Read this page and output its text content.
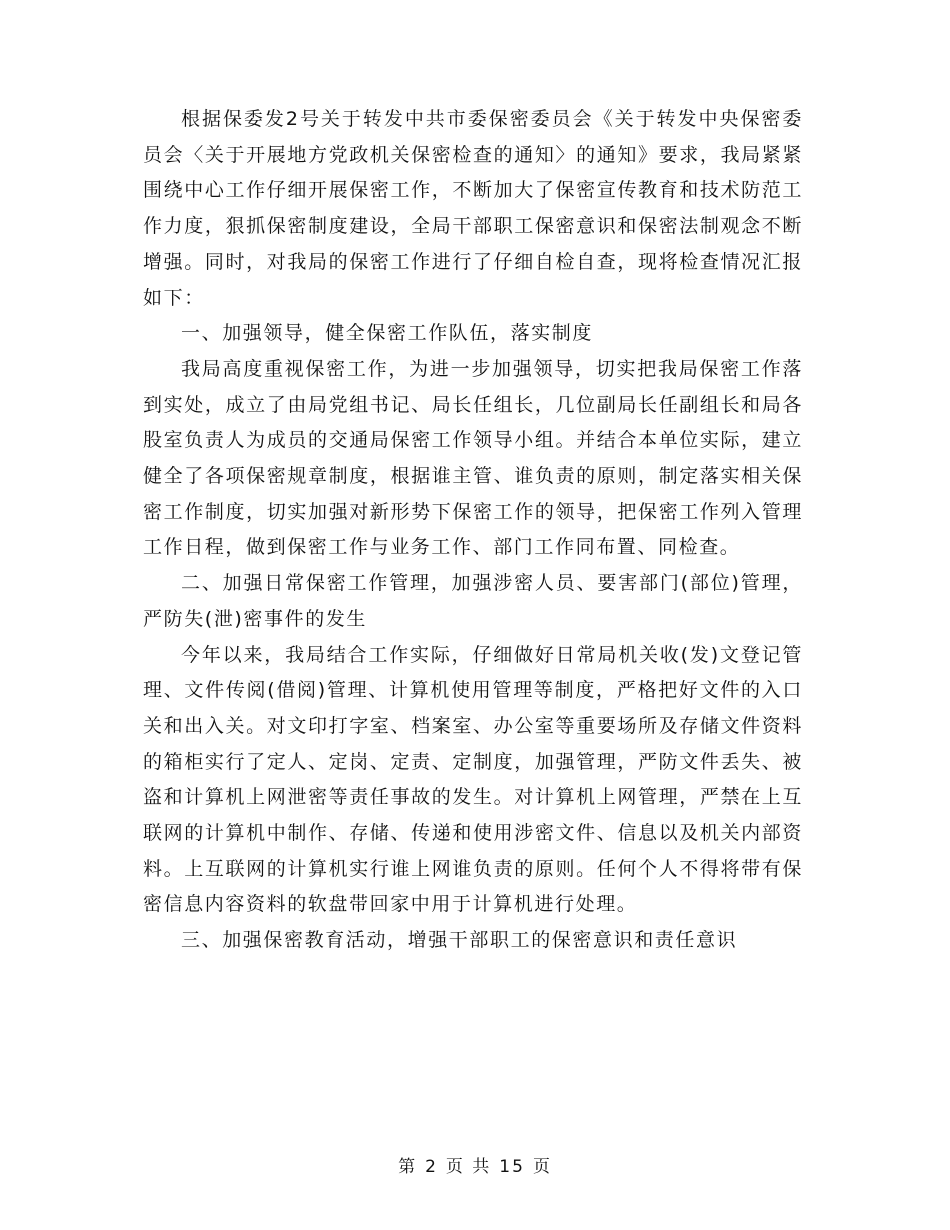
根据保委发2号关于转发中共市委保密委员会《关于转发中央保密委员会〈关于开展地方党政机关保密检查的通知〉的通知》要求，我局紧紧围绕中心工作仔细开展保密工作，不断加大了保密宣传教育和技术防范工作力度，狠抓保密制度建设，全局干部职工保密意识和保密法制观念不断增强。同时，对我局的保密工作进行了仔细自检自查，现将检查情况汇报如下：

一、加强领导，健全保密工作队伍，落实制度

我局高度重视保密工作，为进一步加强领导，切实把我局保密工作落到实处，成立了由局党组书记、局长任组长，几位副局长任副组长和局各股室负责人为成员的交通局保密工作领导小组。并结合本单位实际，建立健全了各项保密规章制度，根据谁主管、谁负责的原则，制定落实相关保密工作制度，切实加强对新形势下保密工作的领导，把保密工作列入管理工作日程，做到保密工作与业务工作、部门工作同布置、同检查。

二、加强日常保密工作管理，加强涉密人员、要害部门(部位)管理，严防失(泄)密事件的发生

今年以来，我局结合工作实际，仔细做好日常局机关收(发)文登记管理、文件传阅(借阅)管理、计算机使用管理等制度，严格把好文件的入口关和出入关。对文印打字室、档案室、办公室等重要场所及存储文件资料的箱柜实行了定人、定岗、定责、定制度，加强管理，严防文件丢失、被盗和计算机上网泄密等责任事故的发生。对计算机上网管理，严禁在上互联网的计算机中制作、存储、传递和使用涉密文件、信息以及机关内部资料。上互联网的计算机实行谁上网谁负责的原则。任何个人不得将带有保密信息内容资料的软盘带回家中用于计算机进行处理。

三、加强保密教育活动，增强干部职工的保密意识和责任意识

第 2 页 共 15 页
